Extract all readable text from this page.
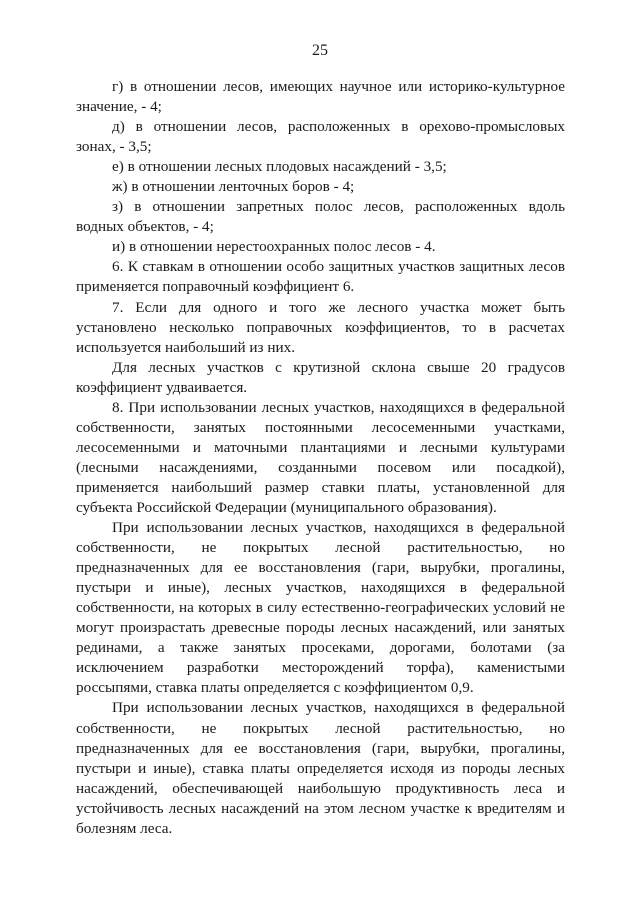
25

г) в отношении лесов, имеющих научное или историко-культурное значение, - 4;

д) в отношении лесов, расположенных в орехово-промысловых зонах, - 3,5;

е) в отношении лесных плодовых насаждений - 3,5;

ж) в отношении ленточных боров - 4;

з) в отношении запретных полос лесов, расположенных вдоль водных объектов, - 4;

и) в отношении нерестоохранных полос лесов - 4.

6. К ставкам в отношении особо защитных участков защитных лесов применяется поправочный коэффициент 6.

7. Если для одного и того же лесного участка может быть установлено несколько поправочных коэффициентов, то в расчетах используется наибольший из них.

Для лесных участков с крутизной склона свыше 20 градусов коэффициент удваивается.

8. При использовании лесных участков, находящихся в федеральной собственности, занятых постоянными лесосеменными участками, лесосеменными и маточными плантациями и лесными культурами (лесными насаждениями, созданными посевом или посадкой), применяется наибольший размер ставки платы, установленной для субъекта Российской Федерации (муниципального образования).

При использовании лесных участков, находящихся в федеральной собственности, не покрытых лесной растительностью, но предназначенных для ее восстановления (гари, вырубки, прогалины, пустыри и иные), лесных участков, находящихся в федеральной собственности, на которых в силу естественно-географических условий не могут произрастать древесные породы лесных насаждений, или занятых рединами, а также занятых просеками, дорогами, болотами (за исключением разработки месторождений торфа), каменистыми россыпями, ставка платы определяется с коэффициентом 0,9.

При использовании лесных участков, находящихся в федеральной собственности, не покрытых лесной растительностью, но предназначенных для ее восстановления (гари, вырубки, прогалины, пустыри и иные), ставка платы определяется исходя из породы лесных насаждений, обеспечивающей наибольшую продуктивность леса и устойчивость лесных насаждений на этом лесном участке к вредителям и болезням леса.
